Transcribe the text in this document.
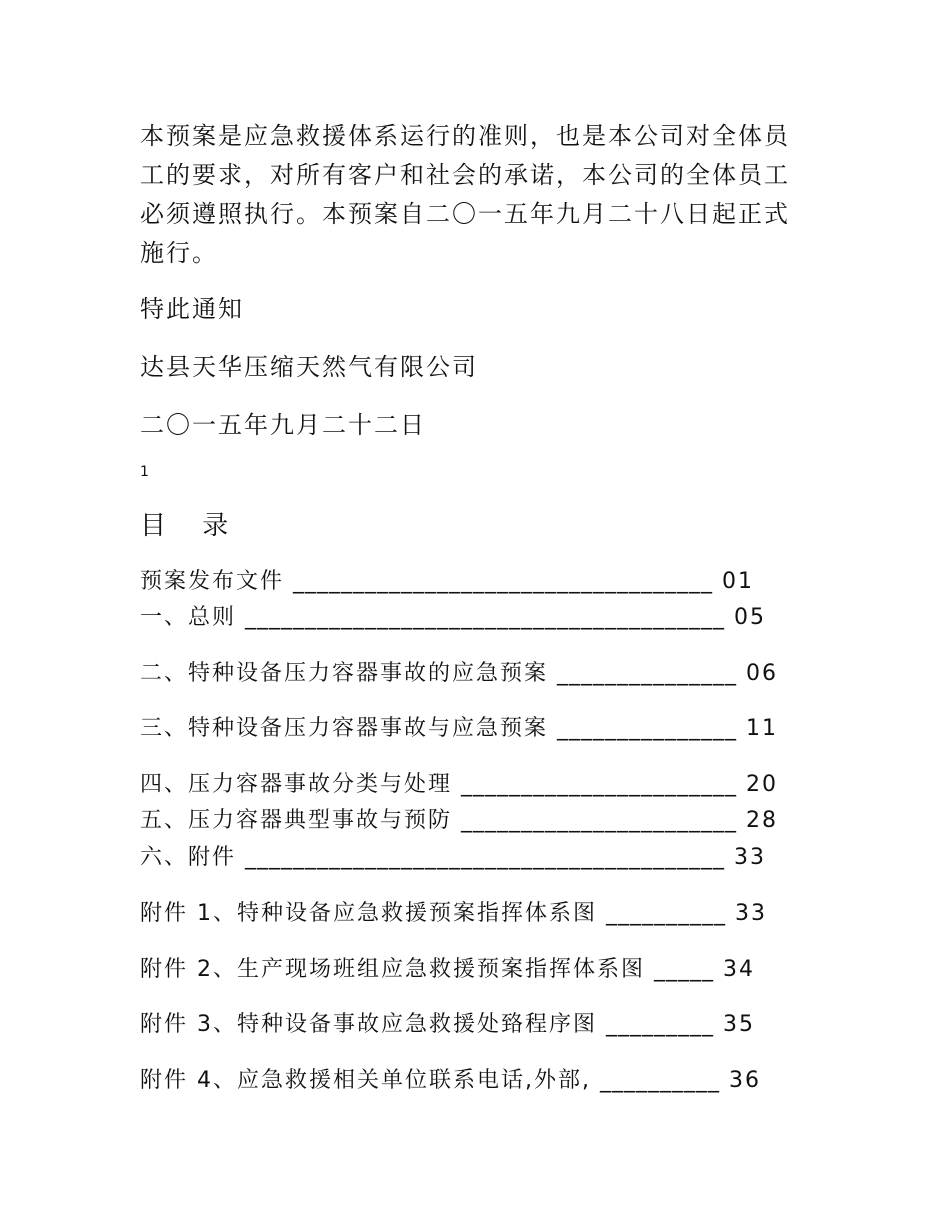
本预案是应急救援体系运行的准则，也是本公司对全体员
工的要求，对所有客户和社会的承诺，本公司的全体员工
必须遵照执行。本预案自二〇一五年九月二十八日起正式
施行。
特此通知
达县天华压缩天然气有限公司
二〇一五年九月二十二日
1
目 录
预案发布文件 ___________________________________ 01
一、总则 ________________________________________ 05
二、特种设备压力容器事故的应急预案 _______________ 06
三、特种设备压力容器事故与应急预案 _______________ 11
四、压力容器事故分类与处理 _______________________ 20
五、压力容器典型事故与预防 _______________________ 28
六、附件 ________________________________________ 33
附件 1、特种设备应急救援预案指挥体系图 __________ 33
附件 2、生产现场班组应急救援预案指挥体系图 _____ 34
附件 3、特种设备事故应急救援处臵程序图 _________ 35
附件 4、应急救援相关单位联系电话,外部, __________ 36
